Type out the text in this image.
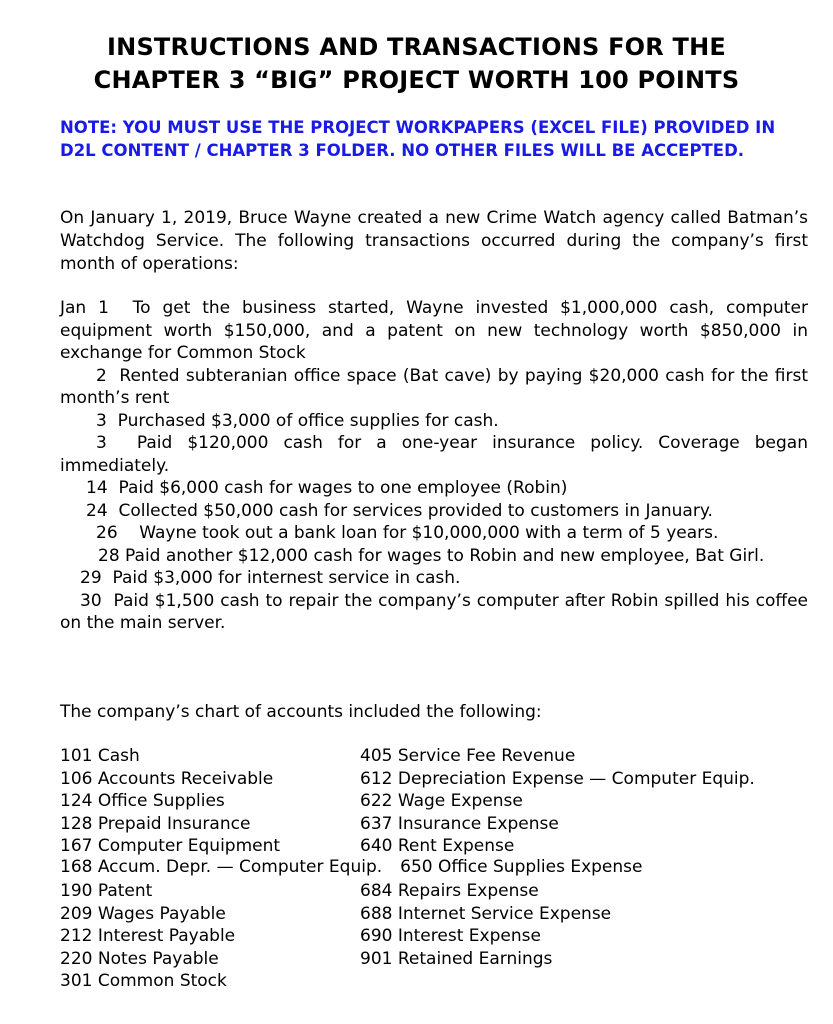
INSTRUCTIONS AND TRANSACTIONS FOR THE
CHAPTER 3 “BIG” PROJECT WORTH 100 POINTS
NOTE: YOU MUST USE THE PROJECT WORKPAPERS (EXCEL FILE) PROVIDED IN D2L CONTENT / CHAPTER 3 FOLDER. NO OTHER FILES WILL BE ACCEPTED.
On January 1, 2019, Bruce Wayne created a new Crime Watch agency called Batman’s Watchdog Service. The following transactions occurred during the company’s first month of operations:

Jan 1 To get the business started, Wayne invested $1,000,000 cash, computer equipment worth $150,000, and a patent on new technology worth $850,000 in exchange for Common Stock

2 Rented subteranian office space (Bat cave) by paying $20,000 cash for the first month’s rent

3 Purchased $3,000 of office supplies for cash.

3 Paid $120,000 cash for a one-year insurance policy. Coverage began immediately.

14 Paid $6,000 cash for wages to one employee (Robin)

24 Collected $50,000 cash for services provided to customers in January.

26 Wayne took out a bank loan for $10,000,000 with a term of 5 years.

28 Paid another $12,000 cash for wages to Robin and new employee, Bat Girl.

29 Paid $3,000 for internest service in cash.

30 Paid $1,500 cash to repair the company’s computer after Robin spilled his coffee on the main server.

The company’s chart of accounts included the following:
101 Cash
106 Accounts Receivable
124 Office Supplies
128 Prepaid Insurance
167 Computer Equipment
190 Patent
209 Wages Payable
212 Interest Payable
220 Notes Payable
301 Common Stock
405 Service Fee Revenue
612 Depreciation Expense — Computer Equip.
622 Wage Expense
637 Insurance Expense
640 Rent Expense
684 Repairs Expense
688 Internet Service Expense
690 Interest Expense
901 Retained Earnings
168 Accum. Depr. — Computer Equip. 650 Office Supplies Expense
